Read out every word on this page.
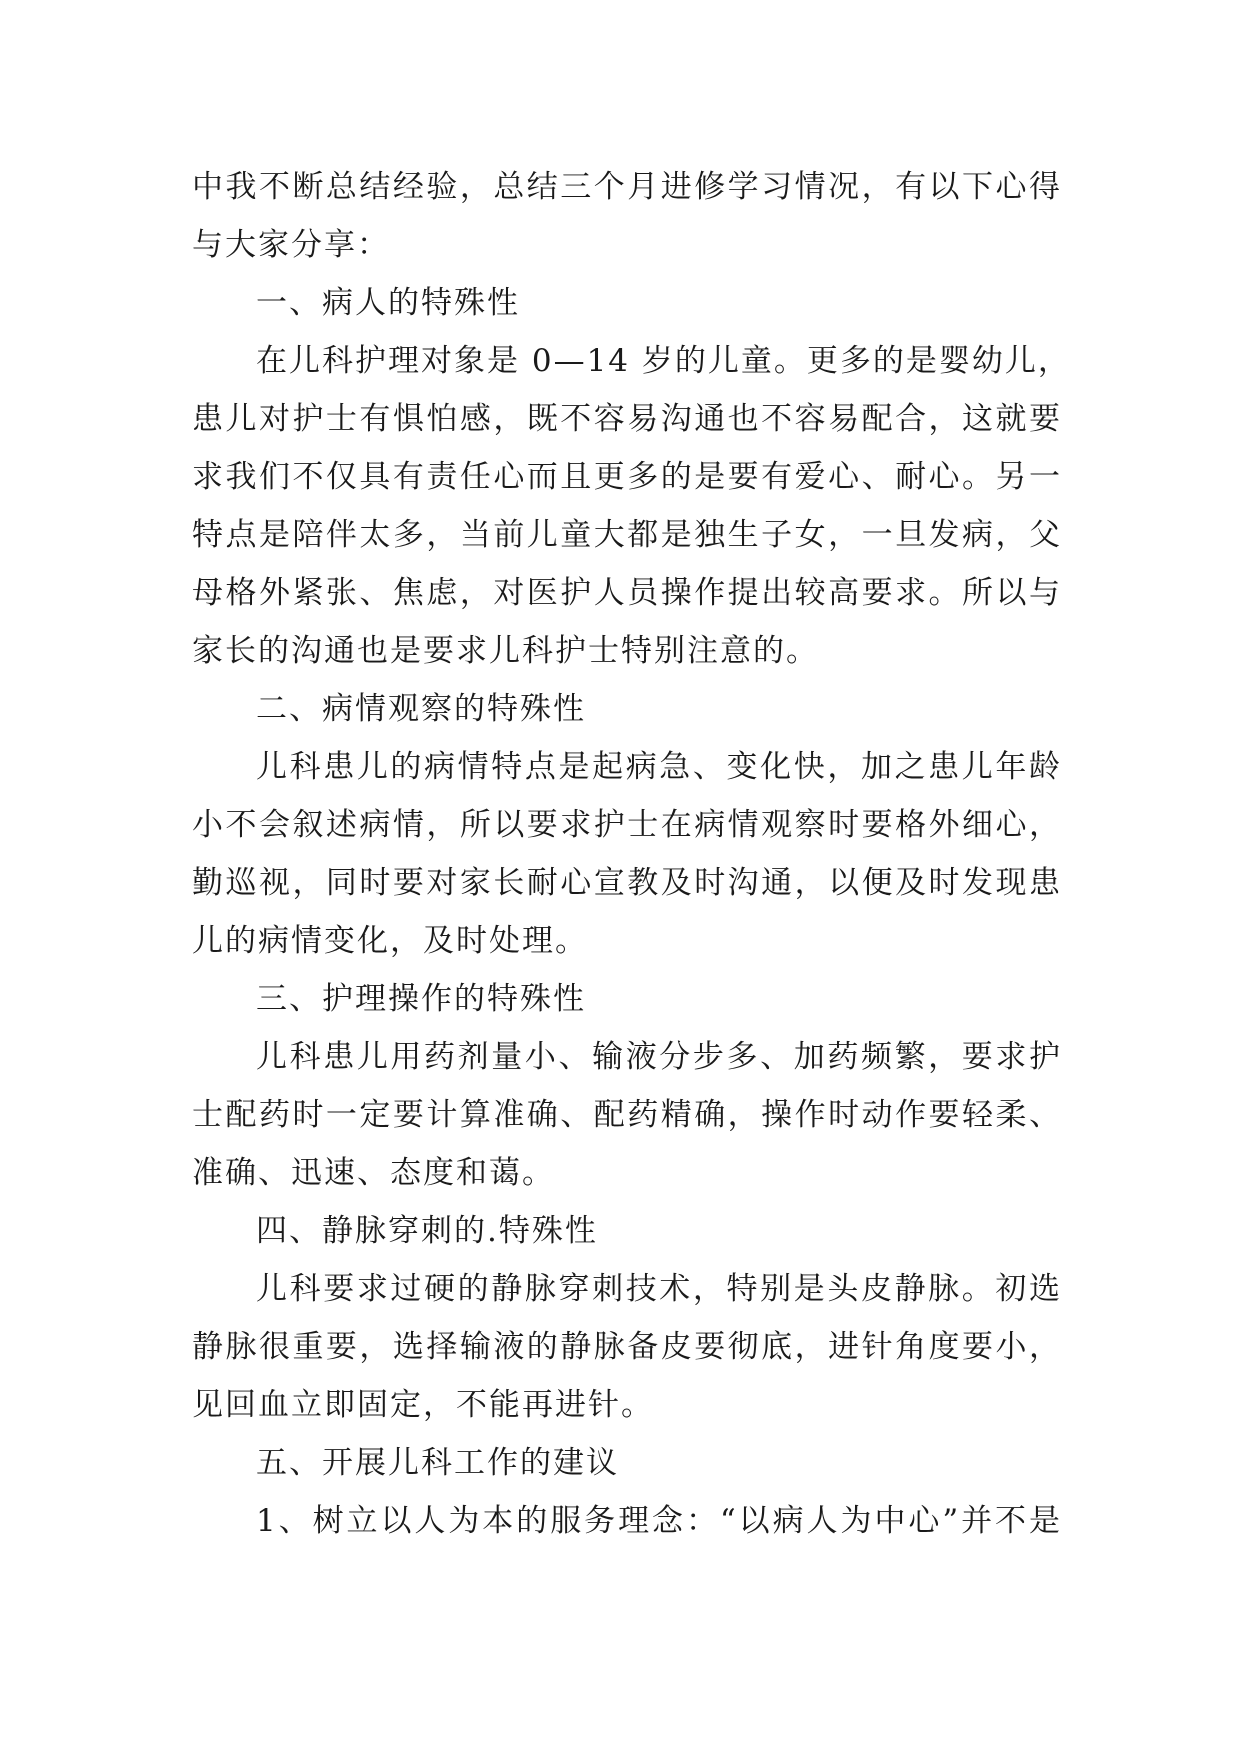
中我不断总结经验，总结三个月进修学习情况，有以下心得
与大家分享：
一、病人的特殊性
在儿科护理对象是 0—14 岁的儿童。更多的是婴幼儿，
患儿对护士有惧怕感，既不容易沟通也不容易配合，这就要
求我们不仅具有责任心而且更多的是要有爱心、耐心。另一
特点是陪伴太多，当前儿童大都是独生子女，一旦发病，父
母格外紧张、焦虑，对医护人员操作提出较高要求。所以与
家长的沟通也是要求儿科护士特别注意的。
二、病情观察的特殊性
儿科患儿的病情特点是起病急、变化快，加之患儿年龄
小不会叙述病情，所以要求护士在病情观察时要格外细心，
勤巡视，同时要对家长耐心宣教及时沟通，以便及时发现患
儿的病情变化，及时处理。
三、护理操作的特殊性
儿科患儿用药剂量小、输液分步多、加药频繁，要求护
士配药时一定要计算准确、配药精确，操作时动作要轻柔、
准确、迅速、态度和蔼。
四、静脉穿刺的.特殊性
儿科要求过硬的静脉穿刺技术，特别是头皮静脉。初选
静脉很重要，选择输液的静脉备皮要彻底，进针角度要小，
见回血立即固定，不能再进针。
五、开展儿科工作的建议
1、树立以人为本的服务理念：“以病人为中心”并不是
